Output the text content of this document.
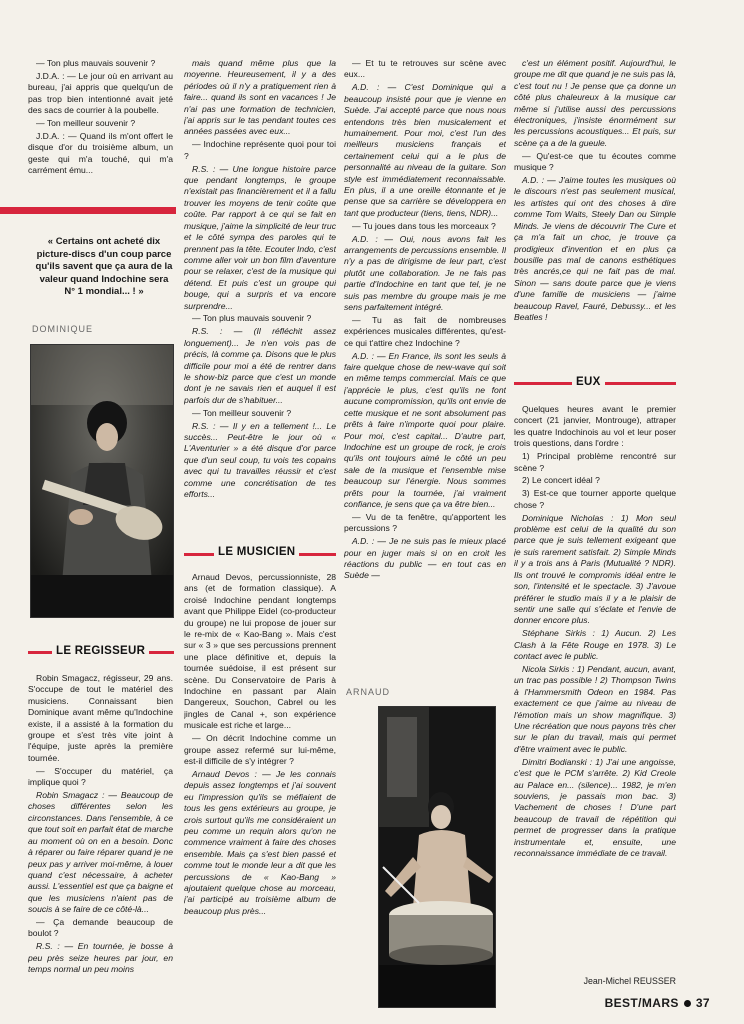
— Ton plus mauvais souvenir ?

J.D.A. : — Le jour où en arrivant au bureau, j'ai appris que quelqu'un de pas trop bien intentionné avait jeté des sacs de courrier à la poubelle.

— Ton meilleur souvenir ?

J.D.A. : — Quand ils m'ont offert le disque d'or du troisième album, un geste qui m'a touché, qui m'a carrément ému...

« Certains ont acheté dix picture-discs d'un coup parce qu'ils savent que ça aura de la valeur quand Indochine sera N° 1 mondial... ! »
DOMINIQUE
LE REGISSEUR

Robin Smagacz, régisseur, 29 ans. S'occupe de tout le matériel des musiciens. Connaissant bien Dominique avant même qu'Indochine existe, il a assisté à la formation du groupe et s'est très vite joint à l'équipe, juste après la première tournée.

— S'occuper du matériel, ça implique quoi ?

Robin Smagacz : — Beaucoup de choses différentes selon les circonstances. Dans l'ensemble, à ce que tout soit en parfait état de marche au moment où on en a besoin. Donc à réparer ou faire réparer quand je ne peux pas y arriver moi-même, à louer quand c'est nécessaire, à acheter aussi. L'essentiel est que ça baigne et que les musiciens n'aient pas de soucis à se faire de ce côté-là...

— Ça demande beaucoup de boulot ?

R.S. : — En tournée, je bosse à peu près seize heures par jour, en temps normal un peu moins

mais quand même plus que la moyenne. Heureusement, il y a des périodes où il n'y a pratiquement rien à faire... quand ils sont en vacances ! Je n'ai pas une formation de technicien, j'ai appris sur le tas pendant toutes ces années passées avec eux...

— Indochine représente quoi pour toi ?

R.S. : — Une longue histoire parce que pendant longtemps, le groupe n'existait pas financièrement et il a fallu trouver les moyens de tenir coûte que coûte. Par rapport à ce qui se fait en musique, j'aime la simplicité de leur truc et le côté sympa des paroles qui te prennent pas la tête. Ecouter Indo, c'est comme aller voir un bon film d'aventure pour se relaxer, c'est de la musique qui détend. Et puis c'est un groupe qui bouge, qui a surpris et va encore surprendre...

— Ton plus mauvais souvenir ?

R.S. : — (Il réfléchit assez longuement)... Je n'en vois pas de précis, là comme ça. Disons que le plus difficile pour moi a été de rentrer dans le show-biz parce que c'est un monde dont je ne savais rien et auquel il est parfois dur de s'habituer...

— Ton meilleur souvenir ?

R.S. : — Il y en a tellement !... Le succès... Peut-être le jour où « L'Aventurier » a été disque d'or parce que d'un seul coup, tu vois tes copains avec qui tu travailles réussir et c'est comme une concrétisation de tes efforts...

LE MUSICIEN

Arnaud Devos, percussionniste, 28 ans (et de formation classique). A croisé Indochine pendant longtemps avant que Philippe Eidel (co-producteur du groupe) ne lui propose de jouer sur le re-mix de « Kao-Bang ». Mais c'est sur « 3 » que ses percussions prennent une place définitive et, depuis la tournée suédoise, il est présent sur scène. Du Conservatoire de Paris à Indochine en passant par Alain Dangereux, Souchon, Cabrel ou les jingles de Canal +, son expérience musicale est riche et large...

— On décrit Indochine comme un groupe assez refermé sur lui-même, est-il difficile de s'y intégrer ?

Arnaud Devos : — Je les connais depuis assez longtemps et j'ai souvent eu l'impression qu'ils se méfiaient de tous les gens extérieurs au groupe, je crois surtout qu'ils me considéraient un peu comme un requin alors qu'on ne commence vraiment à faire des choses ensemble. Mais ça s'est bien passé et comme tout le monde leur a dit que les percussions de « Kao-Bang » ajoutaient quelque chose au morceau, j'ai participé au troisième album de beaucoup plus près...

— Et tu te retrouves sur scène avec eux...

A.D. : — C'est Dominique qui a beaucoup insisté pour que je vienne en Suède. J'ai accepté parce que nous nous entendons très bien musicalement et humainement. Pour moi, c'est l'un des meilleurs musiciens français et certainement celui qui a le plus de personnalité au niveau de la guitare. Son style est immédiatement reconnaissable. En plus, il a une oreille étonnante et je pense que sa carrière se développera en tant que producteur (tiens, tiens, NDR)...

— Tu joues dans tous les morceaux ?

A.D. : — Oui, nous avons fait les arrangements de percussions ensemble. Il n'y a pas de dirigisme de leur part, c'est plutôt une collaboration. Je ne fais pas partie d'Indochine en tant que tel, je ne suis pas membre du groupe mais je me sens parfaitement intégré.

— Tu as fait de nombreuses expériences musicales différentes, qu'est-ce qui t'attire chez Indochine ?

A.D. : — En France, ils sont les seuls à faire quelque chose de new-wave qui soit en même temps commercial. Mais ce que j'apprécie le plus, c'est qu'ils ne font aucune compromission, qu'ils ont envie de cette musique et ne sont absolument pas prêts à faire n'importe quoi pour plaire. Pour moi, c'est capital... D'autre part, Indochine est un groupe de rock, je crois qu'ils ont toujours aimé le côté un peu sale de la musique et l'ensemble mise beaucoup sur l'énergie. Nous sommes prêts pour la tournée, j'ai vraiment confiance, je sens que ça va être bien...

— Vu de ta fenêtre, qu'apportent les percussions ?

A.D. : — Je ne suis pas le mieux placé pour en juger mais si on en croit les réactions du public — en tout cas en Suède —

ARNAUD

c'est un élément positif. Aujourd'hui, le groupe me dit que quand je ne suis pas là, c'est tout nu ! Je pense que ça donne un côté plus chaleureux à la musique car même si j'utilise aussi des percussions électroniques, j'insiste énormément sur les percussions acoustiques... Et puis, sur scène ça a de la gueule.

— Qu'est-ce que tu écoutes comme musique ?

A.D. : — J'aime toutes les musiques où le discours n'est pas seulement musical, les artistes qui ont des choses à dire comme Tom Waits, Steely Dan ou Simple Minds. Je viens de découvrir The Cure et ça m'a fait un choc, je trouve ça prodigieux d'invention et en plus ça bousille pas mal de canons esthétiques très ancrés,ce qui ne fait pas de mal. Sinon — sans doute parce que je viens d'une famille de musiciens — j'aime beaucoup Ravel, Fauré, Debussy... et les Beatles !

EUX

Quelques heures avant le premier concert (21 janvier, Montrouge), attraper les quatre Indochinois au vol et leur poser trois questions, dans l'ordre :

1) Principal problème rencontré sur scène ?

2) Le concert idéal ?

3) Est-ce que tourner apporte quelque chose ?

Dominique Nicholas : 1) Mon seul problème est celui de la qualité du son parce que je suis tellement exigeant que je suis rarement satisfait. 2) Simple Minds il y a trois ans à Paris (Mutualité ? NDR). Ils ont trouvé le compromis idéal entre le son, l'intensité et le spectacle. 3) J'avoue préférer le studio mais il y a le plaisir de sentir une salle qui s'éclate et l'envie de donner encore plus.

Stéphane Sirkis : 1) Aucun. 2) Les Clash à la Fête Rouge en 1978. 3) Le contact avec le public.

Nicola Sirkis : 1) Pendant, aucun, avant, un trac pas possible ! 2) Thompson Twins à l'Hammersmith Odeon en 1984. Pas exactement ce que j'aime au niveau de l'émotion mais un show magnifique. 3) Une récréation que nous payons très cher sur le plan du travail, mais qui permet d'être vraiment avec le public.

Dimitri Bodianski : 1) J'ai une angoisse, c'est que le PCM s'arrête. 2) Kid Creole au Palace en... (silence)... 1982, je m'en souviens, je passais mon bac. 3) Vachement de choses ! D'une part beaucoup de travail de répétition qui permet de progresser dans la pratique instrumentale et, ensuite, une reconnaissance immédiate de ce travail.

Jean-Michel REUSSER
BEST/MARS 37
